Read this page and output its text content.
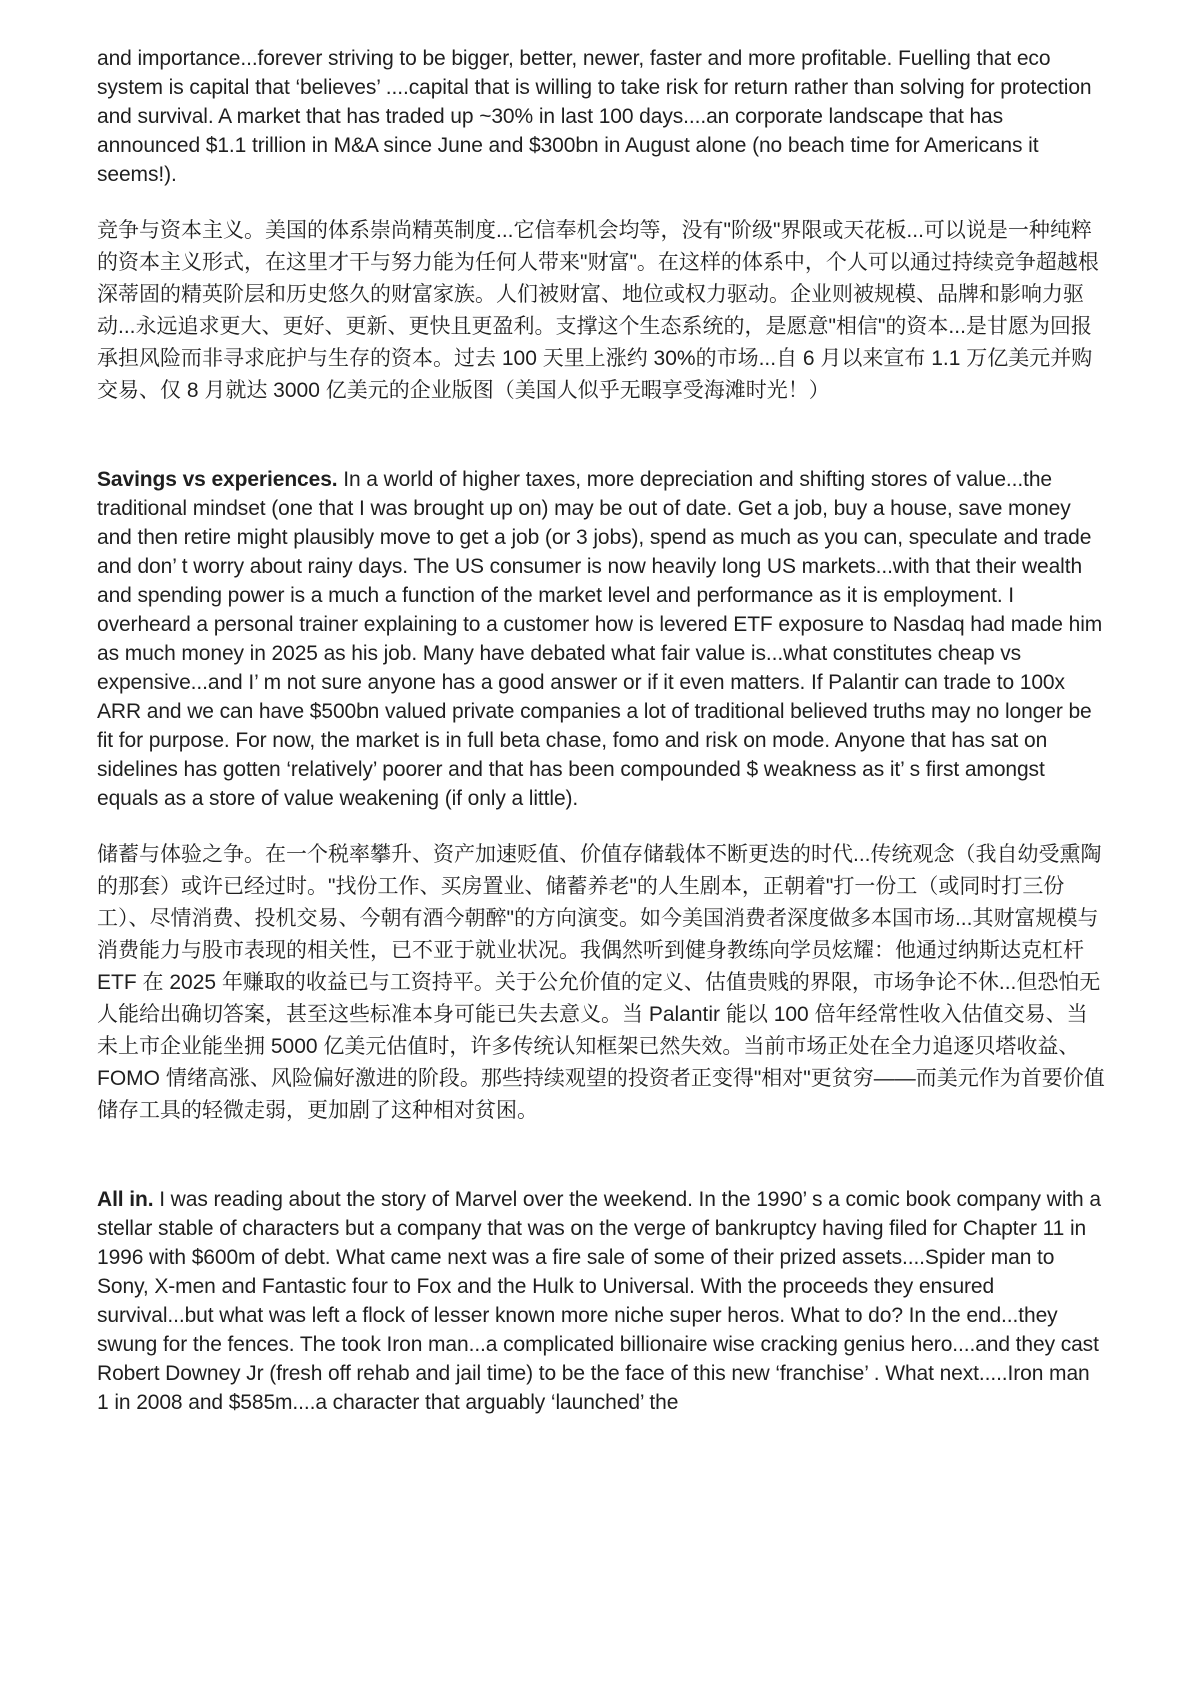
and importance...forever striving to be bigger, better, newer, faster and more profitable. Fuelling that eco system is capital that ‘believes’ ....capital that is willing to take risk for return rather than solving for protection and survival. A market that has traded up ~30% in last 100 days....an corporate landscape that has announced $1.1 trillion in M&A since June and $300bn in August alone (no beach time for Americans it seems!).

竞争与资本主义。美国的体系崇尚精英制度...它信奉机会均等，没有"阶级"界限或天花板...可以说是一种纯粹的资本主义形式，在这里才干与努力能为任何人带来"财富"。在这样的体系中，个人可以通过持续竞争超越根深蒂固的精英阶层和历史悠久的财富家族。人们被财富、地位或权力驱动。企业则被规模、品牌和影响力驱动...永远追求更大、更好、更新、更快且更盈利。支撑这个生态系统的，是愿意"相信"的资本...是甘愿为回报承担风险而非寻求庇护与生存的资本。过去 100 天里上涨约 30%的市场...自 6 月以来宣布 1.1 万亿美元并购交易、仅 8 月就达 3000 亿美元的企业版图（美国人似乎无暇享受海滩时光！）

Savings vs experiences. In a world of higher taxes, more depreciation and shifting stores of value...the traditional mindset (one that I was brought up on) may be out of date. Get a job, buy a house, save money and then retire might plausibly move to get a job (or 3 jobs), spend as much as you can, speculate and trade and don’ t worry about rainy days. The US consumer is now heavily long US markets...with that their wealth and spending power is a much a function of the market level and performance as it is employment. I overheard a personal trainer explaining to a customer how is levered ETF exposure to Nasdaq had made him as much money in 2025 as his job. Many have debated what fair value is...what constitutes cheap vs expensive...and I’ m not sure anyone has a good answer or if it even matters. If Palantir can trade to 100x ARR and we can have $500bn valued private companies a lot of traditional believed truths may no longer be fit for purpose. For now, the market is in full beta chase, fomo and risk on mode. Anyone that has sat on sidelines has gotten ‘relatively’ poorer and that has been compounded $ weakness as it’ s first amongst equals as a store of value weakening (if only a little).

储蓄与体验之争。在一个税率攀升、资产加速贬值、价值存储载体不断更迭的时代...传统观念（我自幼受熏陶的那套）或许已经过时。"找份工作、买房置业、储蓄养老"的人生剧本，正朝着"打一份工（或同时打三份工）、尽情消费、投机交易、今朝有酒今朝醉"的方向演变。如今美国消费者深度做多本国市场...其财富规模与消费能力与股市表现的相关性，已不亚于就业状况。我偶然听到健身教练向学员炫耀：他通过纳斯达克杠杆 ETF 在 2025 年赚取的收益已与工资持平。关于公允价值的定义、估值贵贱的界限，市场争论不休...但恐怕无人能给出确切答案，甚至这些标准本身可能已失去意义。当 Palantir 能以 100 倍年经常性收入估值交易、当未上市企业能坐拥 5000 亿美元估值时，许多传统认知框架已然失效。当前市场正处在全力追逐贝塔收益、FOMO 情绪高涨、风险偏好激进的阶段。那些持续观望的投资者正变得"相对"更贫穷——而美元作为首要价值储存工具的轻微走弱，更加剧了这种相对贫困。

All in. I was reading about the story of Marvel over the weekend. In the 1990’ s a comic book company with a stellar stable of characters but a company that was on the verge of bankruptcy having filed for Chapter 11 in 1996 with $600m of debt. What came next was a fire sale of some of their prized assets....Spider man to Sony, X-men and Fantastic four to Fox and the Hulk to Universal. With the proceeds they ensured survival...but what was left a flock of lesser known more niche super heros. What to do? In the end...they swung for the fences. The took Iron man...a complicated billionaire wise cracking genius hero....and they cast Robert Downey Jr (fresh off rehab and jail time) to be the face of this new ‘franchise’ . What next.....Iron man 1 in 2008 and $585m....a character that arguably ‘launched’ the
